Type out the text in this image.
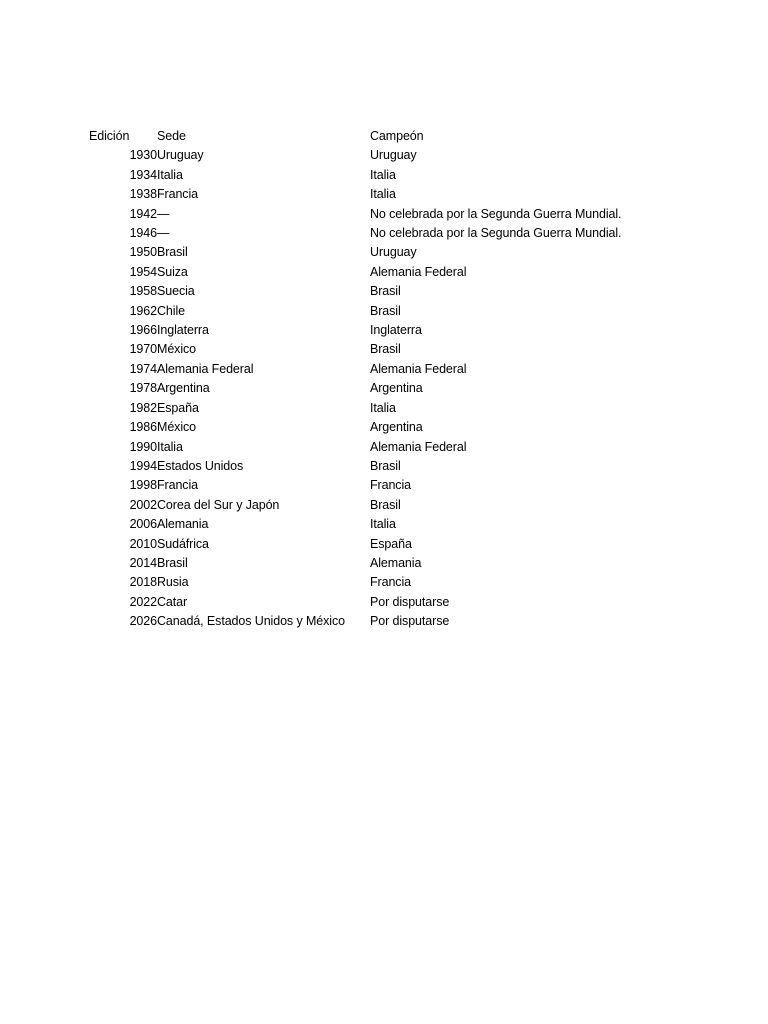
Edición	Sede	Campeón
1930	Uruguay	Uruguay
1934	Italia	Italia
1938	Francia	Italia
1942	—	No celebrada por la Segunda Guerra Mundial.
1946	—	No celebrada por la Segunda Guerra Mundial.
1950	Brasil	Uruguay
1954	Suiza	Alemania Federal
1958	Suecia	Brasil
1962	Chile	Brasil
1966	Inglaterra	Inglaterra
1970	México	Brasil
1974	Alemania Federal	Alemania Federal
1978	Argentina	Argentina
1982	España	Italia
1986	México	Argentina
1990	Italia	Alemania Federal
1994	Estados Unidos	Brasil
1998	Francia	Francia
2002	Corea del Sur y Japón	Brasil
2006	Alemania	Italia
2010	Sudáfrica	España
2014	Brasil	Alemania
2018	Rusia	Francia
2022	Catar	Por disputarse
2026	Canadá, Estados Unidos y México	Por disputarse
